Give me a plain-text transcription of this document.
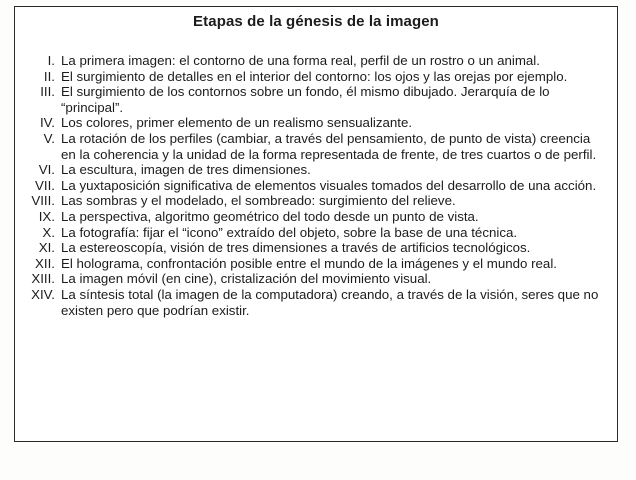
Etapas de la génesis de la imagen
I. La primera imagen: el contorno de una forma real, perfil de un rostro o un animal.
II. El surgimiento de detalles en el interior del contorno: los ojos y las orejas por ejemplo.
III. El surgimiento de los contornos sobre un fondo, él mismo dibujado. Jerarquía de lo “principal”.
IV. Los colores, primer elemento de un realismo sensualizante.
V. La rotación de los perfiles (cambiar, a través del pensamiento, de punto de vista) creencia en la coherencia y la unidad de la forma representada de frente, de tres cuartos o de perfil.
VI. La escultura, imagen de tres dimensiones.
VII. La yuxtaposición significativa de elementos visuales tomados del desarrollo de una acción.
VIII. Las sombras y el modelado, el sombreado: surgimiento del relieve.
IX. La perspectiva, algoritmo geométrico del todo desde un punto de vista.
X. La fotografía: fijar el “icono” extraído del objeto, sobre la base de una técnica.
XI. La estereoscopía, visión de tres dimensiones a través de artificios tecnológicos.
XII. El holograma, confrontación posible entre el mundo de la imágenes y el mundo real.
XIII. La imagen móvil (en cine), cristalización del movimiento visual.
XIV. La síntesis total (la imagen de la computadora) creando, a través de la visión, seres que no existen pero que podrían existir.
